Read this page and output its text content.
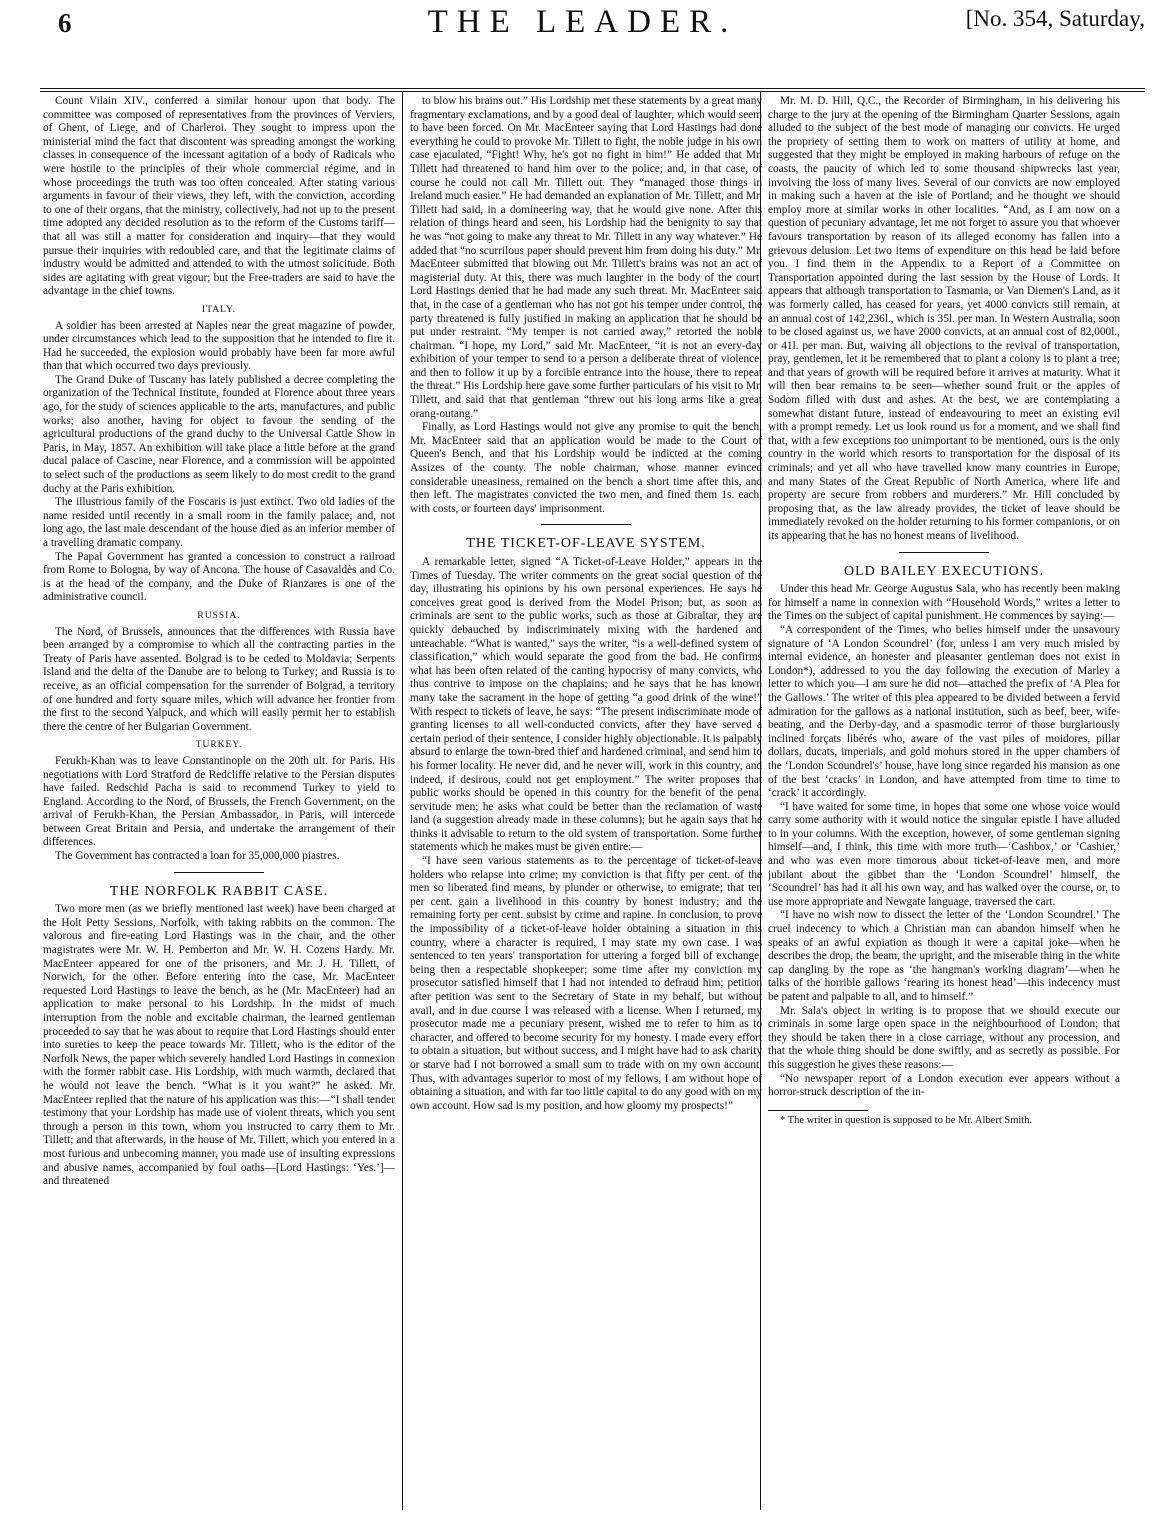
6	THE LEADER.	[No. 354, Saturday,

Count Vilain XIV., conferred a similar honour upon that body. The committee was composed of representatives from the provinces of Verviers, of Ghent, of Liege, and of Charleroi. They sought to impress upon the ministerial mind the fact that discontent was spreading amongst the working classes in consequence of the incessant agitation of a body of Radicals who were hostile to the principles of their whole commercial régime, and in whose proceedings the truth was too often concealed. After stating various arguments in favour of their views, they left, with the conviction, according to one of their organs, that the ministry, collectively, had not up to the present time adopted any decided resolution as to the reform of the Customs tariff—that all was still a matter for consideration and inquiry—that they would pursue their inquiries with redoubled care, and that the legitimate claims of industry would be admitted and attended to with the utmost solicitude. Both sides are agitating with great vigour; but the Free-traders are said to have the advantage in the chief towns.

ITALY.

A soldier has been arrested at Naples near the great magazine of powder, under circumstances which lead to the supposition that he intended to fire it. Had he succeeded, the explosion would probably have been far more awful than that which occurred two days previously.

The Grand Duke of Tuscany has lately published a decree completing the organization of the Technical Institute, founded at Florence about three years ago, for the study of sciences applicable to the arts, manufactures, and public works; also another, having for object to favour the sending of the agricultural productions of the grand duchy to the Universal Cattle Show in Paris, in May, 1857. An exhibition will take place a little before at the grand ducal palace of Cascine, near Florence, and a commission will be appointed to select such of the productions as seem likely to do most credit to the grand duchy at the Paris exhibition.

The illustrious family of the Foscaris is just extinct. Two old ladies of the name resided until recently in a small room in the family palace; and, not long ago, the last male descendant of the house died as an inferior member of a travelling dramatic company.

The Papal Government has granted a concession to construct a railroad from Rome to Bologna, by way of Ancona. The house of Casavaldès and Co. is at the head of the company, and the Duke of Rianzares is one of the administrative council.

RUSSIA.

The Nord, of Brussels, announces that the differences with Russia have been arranged by a compromise to which all the contracting parties in the Treaty of Paris have assented. Bolgrad is to be ceded to Moldavia; Serpents Island and the delta of the Danube are to belong to Turkey; and Russia is to receive, as an official compensation for the surrender of Bolgrad, a territory of one hundred and forty square miles, which will advance her frontier from the first to the second Yalpuck, and which will easily permit her to establish there the centre of her Bulgarian Government.

TURKEY.

Ferukh-Khan was to leave Constantinople on the 20th ult. for Paris. His negotiations with Lord Stratford de Redcliffe relative to the Persian disputes have failed. Redschid Pacha is said to recommend Turkey to yield to England. According to the Nord, of Brussels, the French Government, on the arrival of Ferukh-Khan, the Persian Ambassador, in Paris, will intercede between Great Britain and Persia, and undertake the arrangement of their differences.

The Government has contracted a loan for 35,000,000 piastres.

THE NORFOLK RABBIT CASE.

Two more men (as we briefly mentioned last week) have been charged at the Holt Petty Sessions, Norfolk, with taking rabbits on the common. The valorous and fire-eating Lord Hastings was in the chair, and the other magistrates were Mr. W. H. Pemberton and Mr. W. H. Cozens Hardy. Mr. MacEnteer appeared for one of the prisoners, and Mr. J. H. Tillett, of Norwich, for the other. Before entering into the case, Mr. MacEnteer requested Lord Hastings to leave the bench, as he (Mr. MacEnteer) had an application to make personal to his Lordship. In the midst of much interruption from the noble and excitable chairman, the learned gentleman proceeded to say that he was about to require that Lord Hastings should enter into sureties to keep the peace towards Mr. Tillett, who is the editor of the Norfolk News, the paper which severely handled Lord Hastings in connexion with the former rabbit case. His Lordship, with much warmth, declared that he would not leave the bench. “What is it you want?” he asked. Mr. MacEnteer replied that the nature of his application was this:—“I shall tender testimony that your Lordship has made use of violent threats, which you sent through a person in this town, whom you instructed to carry them to Mr. Tillett; and that afterwards, in the house of Mr. Tillett, which you entered in a most furious and unbecoming manner, you made use of insulting expressions and abusive names, accompanied by foul oaths—[Lord Hastings: ‘Yes.’]—and threatened

to blow his brains out.” His Lordship met these statements by a great many fragmentary exclamations, and by a good deal of laughter, which would seem to have been forced. On Mr. MacEnteer saying that Lord Hastings had done everything he could to provoke Mr. Tillett to fight, the noble judge in his own case ejaculated, “Fight! Why, he's got no fight in him!” He added that Mr. Tillett had threatened to hand him over to the police; and, in that case, of course he could not call Mr. Tillett out. They “managed those things in Ireland much easier.” He had demanded an explanation of Mr. Tillett, and Mr. Tillett had said, in a domineering way, that he would give none. After this relation of things heard and seen, his Lordship had the benignity to say that he was “not going to make any threat to Mr. Tillett in any way whatever.” He added that “no scurrilous paper should prevent him from doing his duty.” Mr. MacEnteer submitted that blowing out Mr. Tillett's brains was not an act of magisterial duty. At this, there was much laughter in the body of the court. Lord Hastings denied that he had made any such threat. Mr. MacEnteer said that, in the case of a gentleman who has not got his temper under control, the party threatened is fully justified in making an application that he should be put under restraint. “My temper is not carried away,” retorted the noble chairman. “I hope, my Lord,” said Mr. MacEnteer, “it is not an every-day exhibition of your temper to send to a person a deliberate threat of violence, and then to follow it up by a forcible entrance into the house, there to repeat the threat.” His Lordship here gave some further particulars of his visit to Mr. Tillett, and said that that gentleman “threw out his long arms like a great orang-outang.”

Finally, as Lord Hastings would not give any promise to quit the bench, Mr. MacEnteer said that an application would be made to the Court of Queen's Bench, and that his Lordship would be indicted at the coming Assizes of the county. The noble chairman, whose manner evinced considerable uneasiness, remained on the bench a short time after this, and then left. The magistrates convicted the two men, and fined them 1s. each, with costs, or fourteen days' imprisonment.

THE TICKET-OF-LEAVE SYSTEM.

A remarkable letter, signed “A Ticket-of-Leave Holder,” appears in the Times of Tuesday. The writer comments on the great social question of the day, illustrating his opinions by his own personal experiences. He says he conceives great good is derived from the Model Prison; but, as soon as criminals are sent to the public works, such as those at Gibraltar, they are quickly debauched by indiscriminately mixing with the hardened and unteachable. “What is wanted,” says the writer, “is a well-defined system of classification,” which would separate the good from the bad. He confirms what has been often related of the canting hypocrisy of many convicts, who thus contrive to impose on the chaplains; and he says that he has known many take the sacrament in the hope of getting “a good drink of the wine!” With respect to tickets of leave, he says: “The present indiscriminate mode of granting licenses to all well-conducted convicts, after they have served a certain period of their sentence, I consider highly objectionable. It is palpably absurd to enlarge the town-bred thief and hardened criminal, and send him to his former locality. He never did, and he never will, work in this country, and indeed, if desirous, could not get employment.” The writer proposes that public works should be opened in this country for the benefit of the penal servitude men; he asks what could be better than the reclamation of waste land (a suggestion already made in these columns); but he again says that he thinks it advisable to return to the old system of transportation. Some further statements which he makes must be given entire:—

“I have seen various statements as to the percentage of ticket-of-leave holders who relapse into crime; my conviction is that fifty per cent. of the men so liberated find means, by plunder or otherwise, to emigrate; that ten per cent. gain a livelihood in this country by honest industry; and the remaining forty per cent. subsist by crime and rapine. In conclusion, to prove the impossibility of a ticket-of-leave holder obtaining a situation in this country, where a character is required, I may state my own case. I was sentenced to ten years' transportation for uttering a forged bill of exchange, being then a respectable shopkeeper; some time after my conviction my prosecutor satisfied himself that I had not intended to defraud him; petition after petition was sent to the Secretary of State in my behalf, but without avail, and in due course I was released with a license. When I returned, my prosecutor made me a pecuniary present, wished me to refer to him as to character, and offered to become security for my honesty. I made every effort to obtain a situation, but without success, and I might have had to ask charity or starve had I not borrowed a small sum to trade with on my own account. Thus, with advantages superior to most of my fellows, I am without hope of obtaining a situation, and with far too little capital to do any good with on my own account. How sad is my position, and how gloomy my prospects!”

Mr. M. D. Hill, Q.C., the Recorder of Birmingham, in his delivering his charge to the jury at the opening of the Birmingham Quarter Sessions, again alluded to the subject of the best mode of managing our convicts. He urged the propriety of setting them to work on matters of utility at home, and suggested that they might be employed in making harbours of refuge on the coasts, the paucity of which led to some thousand shipwrecks last year, involving the loss of many lives. Several of our convicts are now employed in making such a haven at the isle of Portland; and he thought we should employ more at similar works in other localities. “And, as I am now on a question of pecuniary advantage, let me not forget to assure you that whoever favours transportation by reason of its alleged economy has fallen into a grievous delusion. Let two items of expenditure on this head be laid before you. I find them in the Appendix to a Report of a Committee on Transportation appointed during the last session by the House of Lords. It appears that although transportation to Tasmania, or Van Diemen's Land, as it was formerly called, has ceased for years, yet 4000 convicts still remain, at an annual cost of 142,236l., which is 35l. per man. In Western Australia, soon to be closed against us, we have 2000 convicts, at an annual cost of 82,000l., or 41l. per man. But, waiving all objections to the revival of transportation, pray, gentlemen, let it be remembered that to plant a colony is to plant a tree; and that years of growth will be required before it arrives at maturity. What it will then bear remains to be seen—whether sound fruit or the apples of Sodom filled with dust and ashes. At the best, we are contemplating a somewhat distant future, instead of endeavouring to meet an existing evil with a prompt remedy. Let us look round us for a moment, and we shall find that, with a few exceptions too unimportant to be mentioned, ours is the only country in the world which resorts to transportation for the disposal of its criminals; and yet all who have travelled know many countries in Europe, and many States of the Great Republic of North America, where life and property are secure from robbers and murderers.” Mr. Hill concluded by proposing that, as the law already provides, the ticket of leave should be immediately revoked on the holder returning to his former companions, or on its appearing that he has no honest means of livelihood.

OLD BAILEY EXECUTIONS.

Under this head Mr. George Augustus Sala, who has recently been making for himself a name in connexion with “Household Words,” writes a letter to the Times on the subject of capital punishment. He commences by saying:—

“A correspondent of the Times, who belies himself under the unsavoury signature of ‘A London Scoundrel’ (for, unless I am very much misled by internal evidence, an honester and pleasanter gentleman does not exist in London*), addressed to you the day following the execution of Marley a letter to which you—I am sure he did not—attached the prefix of ‘A Plea for the Gallows.’ The writer of this plea appeared to be divided between a fervid admiration for the gallows as a national institution, such as beef, beer, wife-beating, and the Derby-day, and a spasmodic terror of those burglariously inclined forçats libérés who, aware of the vast piles of moidores, pillar dollars, ducats, imperials, and gold mohurs stored in the upper chambers of the ‘London Scoundrel's’ house, have long since regarded his mansion as one of the best ‘cracks’ in London, and have attempted from time to time to ‘crack’ it accordingly.

“I have waited for some time, in hopes that some one whose voice would carry some authority with it would notice the singular epistle I have alluded to in your columns. With the exception, however, of some gentleman signing himself—and, I think, this time with more truth—‘Cashbox,’ or ‘Cashier,’ and who was even more timorous about ticket-of-leave men, and more jubilant about the gibbet than the ‘London Scoundrel’ himself, the ‘Scoundrel’ has had it all his own way, and has walked over the course, or, to use more appropriate and Newgate language, traversed the cart.

“I have no wish now to dissect the letter of the ‘London Scoundrel.’ The cruel indecency to which a Christian man can abandon himself when he speaks of an awful expiation as though it were a capital joke—when he describes the drop, the beam, the upright, and the miserable thing in the white cap dangling by the rope as ‘the hangman's working diagram’—when he talks of the horrible gallows ‘rearing its honest head’—this indecency must be patent and palpable to all, and to himself.”

Mr. Sala's object in writing is to propose that we should execute our criminals in some large open space in the neighbourhood of London; that they should be taken there in a close carriage, without any procession, and that the whole thing should be done swiftly, and as secretly as possible. For this suggestion he gives these reasons:—

“No newspaper report of a London execution ever appears without a horror-struck description of the in-

* The writer in question is supposed to be Mr. Albert Smith.
